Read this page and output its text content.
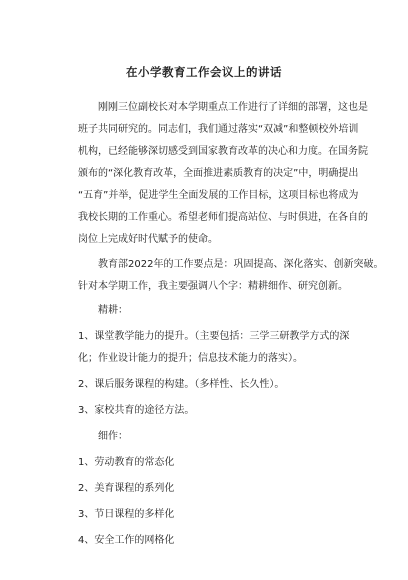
在小学教育工作会议上的讲话
刚刚三位副校长对本学期重点工作进行了详细的部署，这也是
班子共同研究的。同志们，我们通过落实“双减”和整顿校外培训
机构，已经能够深切感受到国家教育改革的决心和力度。在国务院
颁布的“深化教育改革，全面推进素质教育的决定”中，明确提出
“五育”并举，促进学生全面发展的工作目标，这项目标也将成为
我校长期的工作重心。希望老师们提高站位、与时俱进，在各自的
岗位上完成好时代赋予的使命。
教育部2022年的工作要点是：巩固提高、深化落实、创新突破。
针对本学期工作，我主要强调八个字：精耕细作、研究创新。
精耕：
1、课堂教学能力的提升。（主要包括：三学三研教学方式的深
化；作业设计能力的提升；信息技术能力的落实）。
2、课后服务课程的构建。（多样性、长久性）。
3、家校共育的途径方法。
细作：
1、劳动教育的常态化
2、美育课程的系列化
3、节日课程的多样化
4、安全工作的网格化
